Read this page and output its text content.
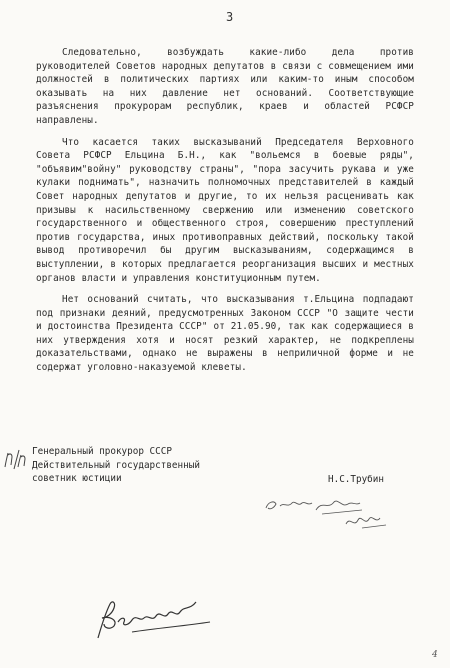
3

Следовательно, возбуждать какие-либо дела против руководителей Советов народных депутатов в связи с совмещением ими должностей в политических партиях или каким-то иным способом оказывать на них давление нет оснований. Соответствующие разъяснения прокурорам республик, краев и областей РСФСР направлены.

Что касается таких высказываний Председателя Верховного Совета РСФСР Ельцина Б.Н., как "вольемся в боевые ряды", "объявим"войну" руководству страны", "пора засучить рукава и уже кулаки поднимать", назначить полномочных представителей в каждый Совет народных депутатов и другие, то их нельзя расценивать как призывы к насильственному свержению или изменению советского государственного и общественного строя, совершению преступлений против государства, иных противоправных действий, поскольку такой вывод противоречил бы другим высказываниям, содержащимся в выступлении, в которых предлагается реорганизация высших и местных органов власти и управления конституционным путем.

Нет оснований считать, что высказывания т.Ельцина подпадают под признаки деяний, предусмотренных Законом СССР "О защите чести и достоинства Президента СССР" от 21.05.90, так как содержащиеся в них утверждения хотя и носят резкий характер, не подкреплены доказательствами, однако не выражены в неприличной форме и не содержат уголовно-наказуемой клеветы.

Генеральный прокурор СССР
Действительный государственный
советник юстиции	Н.С.Трубин
4
